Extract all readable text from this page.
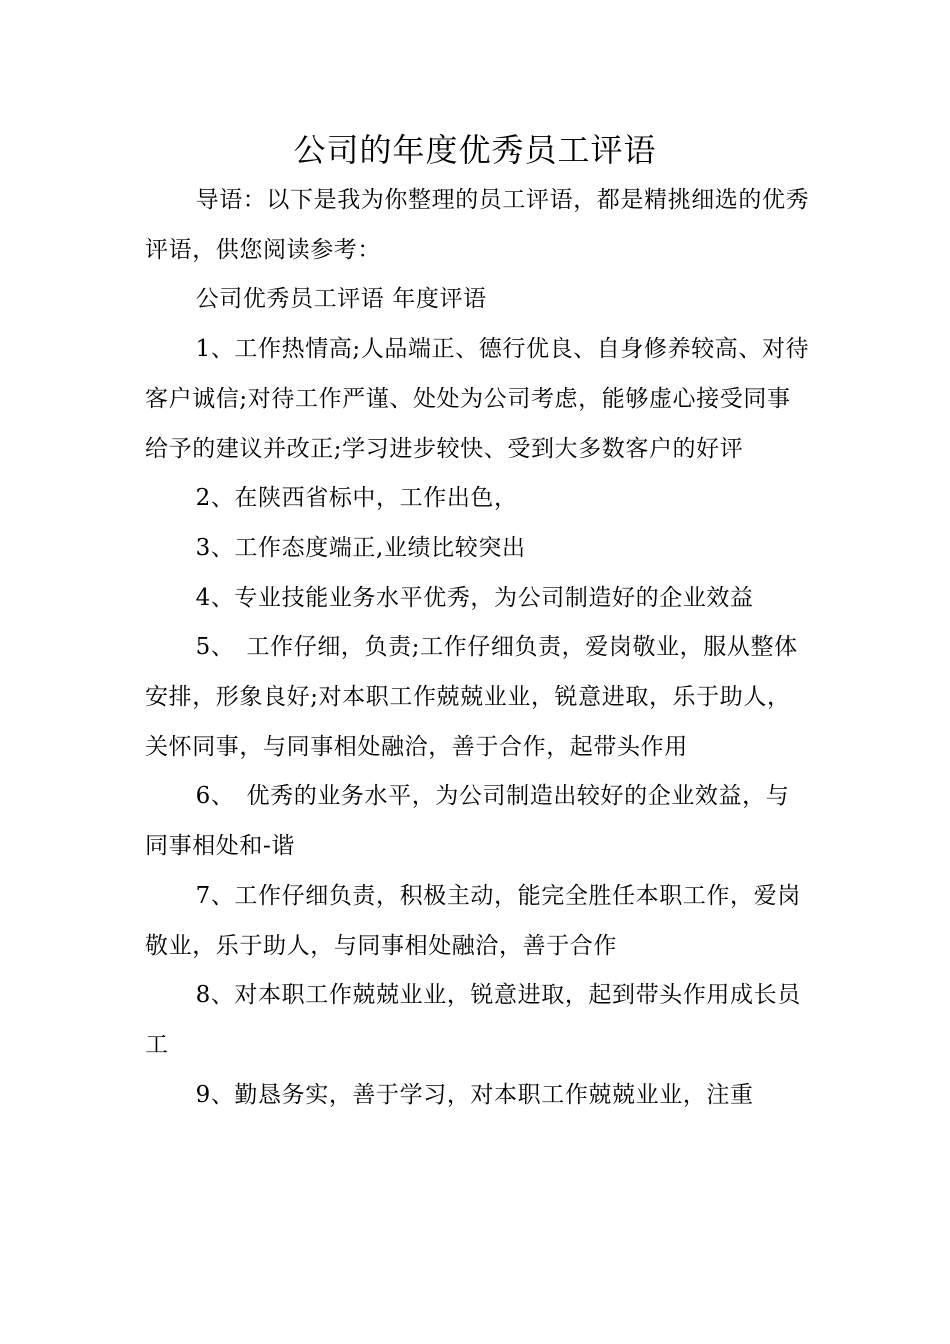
公司的年度优秀员工评语

导语：以下是我为你整理的员工评语，都是精挑细选的优秀评语，供您阅读参考：

公司优秀员工评语 年度评语

1、工作热情高;人品端正、德行优良、自身修养较高、对待客户诚信;对待工作严谨、处处为公司考虑，能够虚心接受同事给予的建议并改正;学习进步较快、受到大多数客户的好评

2、在陕西省标中，工作出色，

3、工作态度端正,业绩比较突出

4、专业技能业务水平优秀，为公司制造好的企业效益

5、　工作仔细，负责;工作仔细负责，爱岗敬业，服从整体安排，形象良好;对本职工作兢兢业业，锐意进取，乐于助人，关怀同事，与同事相处融洽，善于合作，起带头作用

6、　优秀的业务水平，为公司制造出较好的企业效益，与同事相处和-谐

7、工作仔细负责，积极主动，能完全胜任本职工作，爱岗敬业，乐于助人，与同事相处融洽，善于合作

8、对本职工作兢兢业业，锐意进取，起到带头作用成长员工

9、勤恳务实，善于学习，对本职工作兢兢业业，注重
